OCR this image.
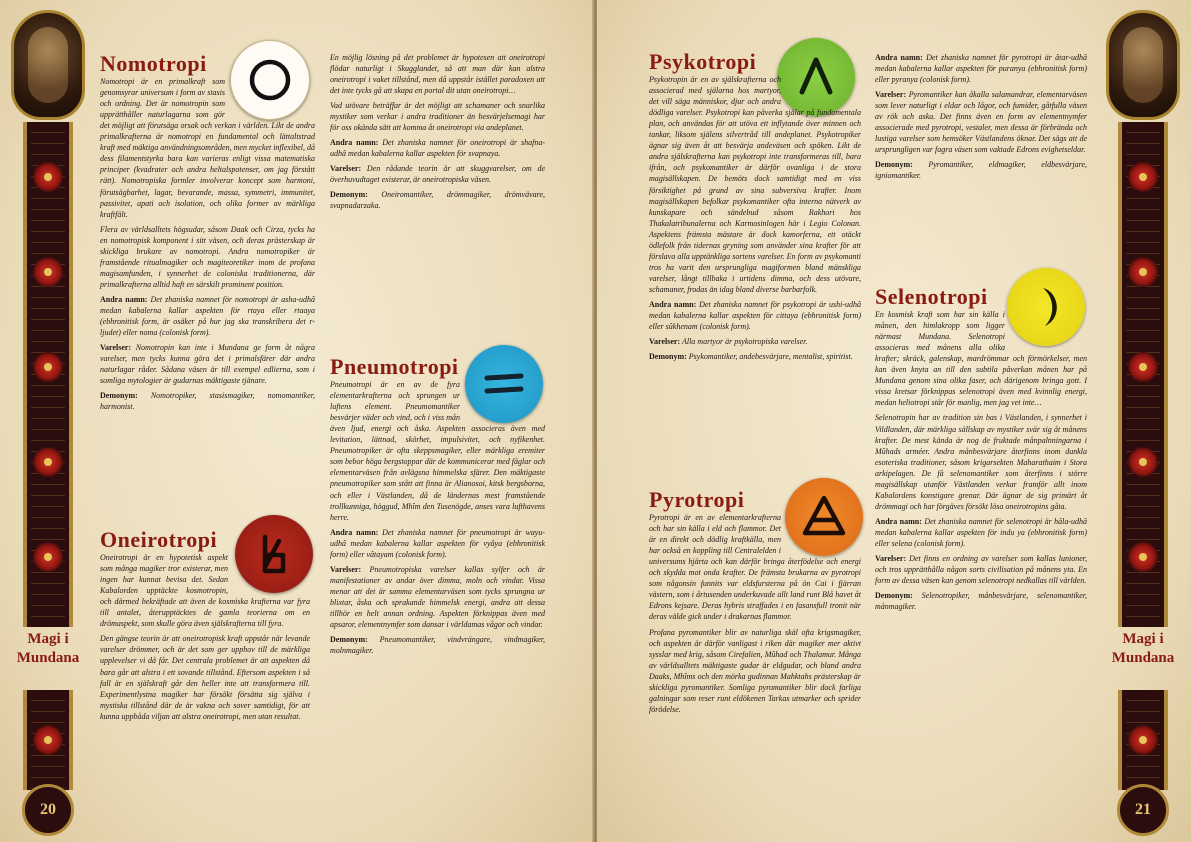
Magi i Mundana
20
Nomotropi

Nomotropi är en primalkraft som genomsyrar universum i form av stasis och ordning. Det är nomotropin som upprätthåller naturlagarna som gör det möjligt att förutsäga orsak och verkan i världen. Likt de andra primalkrafterna är nomotropi en fundamental och lättaltstrad kraft med mäktiga användningsområden, men mycket inflexibel, då dess filamentstyrka bara kan varieras enligt vissa matematiska principer (kvadrater och andra heltalspotenser, om jag förstått rätt). Nomotropiska formler involverar koncept som harmoni, förutsägbarhet, lagar, bevarande, massa, symmetri, immunitet, passivitet, apati och isolation, och olika former av märkliga kraftfält.

Flera av världsalltets högsudar, såsom Daak och Cirza, tycks ha en nomotropisk komponent i sitt väsen, och deras prästerskap är skickliga brukare av nomotropi. Andra nomotropiker är framstående ritualmagiker och magiteoretiker inom de profana magisamfunden, i synnerhet de coloniska traditionerna, där primalkrafterna alltid haft en särskilt prominent position.

Andra namn: Det zhaniska namnet för nomotropi är asha-udhâ medan kabalerna kallar aspekten för rtaya eller rtaaya (ebhronitisk form, är osäker på hur jag ska transkribera det r-ljudet) eller noma (colonisk form).

Varelser: Nomotropin kan inte i Mundana ge form åt några varelser, men tycks kunna göra det i primalsfärer där andra naturlagar råder. Sådana väsen är till exempel edlierna, som i somliga mytologier är gudarnas mäktigaste tjänare.

Demonym: Nomotropiker, stasismagiker, nomomantiker, harmonist.

Oneirotropi

Oneirotropi är en hypotetisk aspekt som många magiker tror existerar, men ingen har kunnat bevisa det. Sedan Kabalorden upptäckte kosmotropin, och därmed bekräftade att även de kosmiska krafterna var fyra till antalet, återupptäcktes de gamla teorierna om en drömaspekt, som skulle göra även själskrafterna till fyra.

Den gängse teorin är att oneirotropisk kraft uppstår när levande varelser drömmer, och är det som ger upphov till de märkliga upplevelser vi då får. Det centrala problemet är att aspekten då bara går att alstra i ett sovande tillstånd. Eftersom aspekten i så fall är en själskraft går den heller inte att transformera till. Experimentlystna magiker har försökt försätta sig själva i mystiska tillstånd där de är vakna och sover samtidigt, för att kunna uppbåda viljan att alstra oneirotropi, men utan resultat.

En möjlig lösning på det problemet är hypotesen att oneirotropi flödar naturligt i Skugglandet, så att man där kan alstra oneirotropi i vaket tillstånd, men då uppstår istället paradoxen att det inte tycks gå att skapa en portal dit utan oneirotropi…

Vad utövare beträffar är det möjligt att schamaner och snarlika mystiker som verkar i andra traditioner än besvärjelsemagi har för oss okända sätt att komma åt oneirotropi via andeplanet.

Andra namn: Det zhaniska namnet för oneirotropi är shafna-udhâ medan kabalerna kallar aspekten för svapnaya.

Varelser: Den rådande teorin är att skuggvarelser, om de överhuvudtaget existerar, är oneirotropiska väsen.

Demonym: Oneiromantiker, drömmagiker, drömvävare, svapnadarzaka.

Pneumotropi

Pneumotropi är en av de fyra elementarkrafterna och sprungen ur luftens element. Pneumomantiker besvärjer väder och vind, och i viss mån även ljud, energi och åska. Aspekten associeras även med levitation, lättnad, skörhet, impulsivitet, och nyfikenhet. Pneumotropiker är ofta skeppsmagiker, eller märkliga eremiter som bebor höga bergstoppar där de kommunicerar med fåglar och elementarväsen från avlägsna himmelska sfärer. Den mäktigaste pneumotropiker som stått att finna är Alianosoi, kitsk bergsborna, och eller i Västlanden, då de ländernas mest framstående trollkunniga, höggud, Mhîm den Tusenögde, anses vara lufthavens herre.

Andra namn: Det zhaniska namnet för pneumotropi är wayu-udhâ medan kabalerna kallar aspekten för vyâya (ebhronitisk form) eller vâtayam (colonisk form).

Varelser: Pneumotropiska varelser kallas sylfer och är manifestationer av andar över dimma, moln och vindar. Vissa menar att det är samma elementarväsen som tycks sprungna ur blixtar, åska och sprakande himmelsk energi, andra att dessa tillhör en helt annan ordning. Aspekten förknippas även med apsaror, elementnymfer som dansar i världamas vågor och vindar.

Demonym: Pneumomantiker, vindvrängare, vindmagiker, molnmagiker.

Magi i Mundana
21
Psykotropi

Psykotropin är en av själskrafterna och associerad med själarna hos martyor, det vill säga människor, djur och andra dödliga varelser. Psykotropi kan påverka själar på fundamentala plan, och användas för att utöva ett inflytande över minnen och tankar, liksom själens silvertråd till andeplanet. Psykotropiker ägnar sig även åt att besvärja andeväsen och spöken. Likt de andra själskrafterna kan psykotropi inte transformeras till, bara ifrån, och psykomantiker är därför ovanliga i de stora magisällskapen. De bemöts dock samtidigt med en viss försiktighet på grund av sina subversiva krafter. Inom magisällskapen befolkar psykomantiker ofta interna nätverk av kunskapare och sändebud såsom Rakhori hos Thakalatribunalerna och Karmosinlogen här i Legio Colonan. Aspektens främsta mästare är dock kamorferna, ett otäckt ödlefolk från tidernas gryning som använder sina krafter för att förslava alla upptänkliga sortens varelser. En form av psykomanti tros ha varit den ursprungliga magiformen bland mänskliga varelser, långt tillbaka i urtidens dimma, och dess utövare, schamaner, frodas än idag bland diverse barbarfolk.

Andra namn: Det zhaniska namnet för psykotropi är ushi-udhâ medan kabalerna kallar aspekten för cittaya (ebhronitisk form) eller sûkhenam (colonisk form).

Varelser: Alla martyor är psykotropiska varelser.

Demonym: Psykomantiker, andebesvärjare, mentalist, spiritist.

Pyrotropi

Pyrotropi är en av elementarkrafterna och har sin källa i eld och flammor. Det är en direkt och dödlig kraftkälla, men har också en koppling till Centralelden i universums hjärta och kan därför bringa återfödelse och energi och skydda mot onda krafter. De främsta brukarna av pyrotropi som någonsin funnits var eldsfursterna på ön Cai i fjärran västern, som i årtusenden underkuvade allt land runt Blå havet åt Edrons kejsare. Deras hybris straffades i en fasansfull tronit när deras välde gick under i drakarnas flammor.

Profana pyromantiker blir av naturliga skäl ofta krigsmagiker, och aspekten är därför vanligast i riken där magiker mer aktivt sysslar med krig, såsom Cirefalien, Mûhad och Thalamur. Många av världsalltets mäktigaste gudar är eldgudar, och bland andra Daaks, Mhîms och den mörka gudinnan Mahktahs prästerskap är skickliga pyromantiker. Somliga pyromantiker blir dock farliga galningar som reser runt eldökenen Tarkas utmarker och sprider förödelse.

Andra namn: Det zhaniska namnet för pyrotropi är âtar-udhâ medan kabalerna kallar aspekten för puranya (ebhronitisk form) eller pyranya (colonisk form).

Varelser: Pyromantiker kan åkalla salamandrar, elementarväsen som lever naturligt i eldar och lågor, och fumider, gåtfulla väsen av rök och aska. Det finns även en form av elementnymfer associerade med pyrotropi, vestaler, men dessa är förbrända och lustiga varelser som hemsöker Västlandens öknar. Det sägs att de ursprungligen var fagra väsen som vaktade Edrons evighetseldar.

Demonym: Pyromantiker, eldmagiker, eldbesvärjare, igniomantiker.

Selenotropi

En kosmisk kraft som har sin källa i månen, den himlakropp som ligger närmast Mundana. Selenotropi associeras med månens alla olika krafter; skräck, galenskap, mardrömmar och förmörkelser, men kan även knyta an till den subtila påverkan månen har på Mundana genom sina olika faser, och därigenom bringa gott. I vissa kretsar förknippas selenotropi även med kvinnlig energi, medan heliotropi står för manlig, men jag vet inte…

Selenotropin har av tradition sin bas i Västlanden, i synnerhet i Vildlanden, där märkliga sällskap av mystiker svär sig åt månens krafter. De mest kända är nog de fruktade månpalnningarna i Mûhads arméer. Andra månbesvärjare återfinns inom dunkla esoteriska traditioner, såsom krigarsekten Maharathaim i Stora arkipelagen. De få selenomantiker som återfinns i större magisällskap utanför Västlanden verkar framför allt inom Kabalordens konstigare grenar. Där ägnar de sig primärt åt drömmagi och har förgäves försökt lösa oneirotropins gåta.

Andra namn: Det zhaniska namnet för selenotropi är hâla-udhâ medan kabalerna kallar aspekten för indu ya (ebhronitisk form) eller selena (colonisk form).

Varelser: Det finns en ordning av varelser som kallas lunioner, och tros upprätthålla någon sorts civilisation på månens yta. En form av dessa väsen kan genom selenotropi nedkallas till världen.

Demonym: Selenotropiker, månbesvärjare, selenomantiker, månmagiker.
